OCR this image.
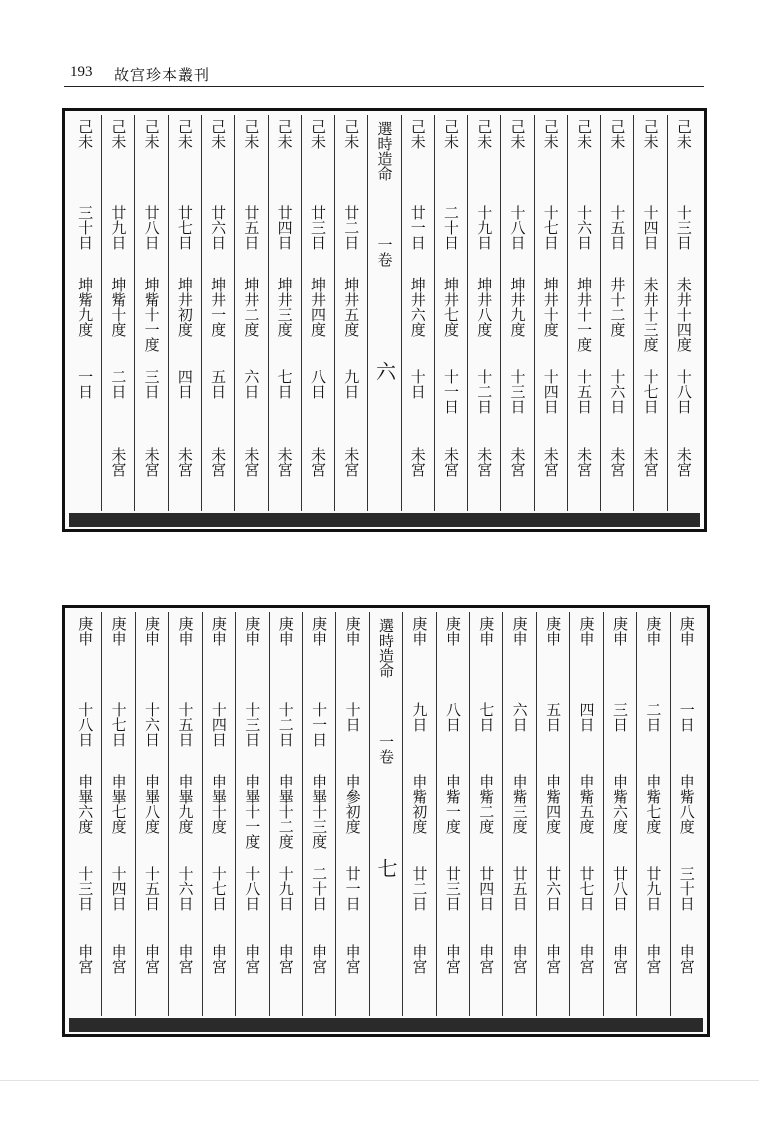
193 故宫珍本叢刊
己未
十三日
未井十四度
十八日
未宮
己未
十四日
未井十三度
十七日
未宮
己未
十五日
井十二度
十六日
未宮
己未
十六日
坤井十一度
十五日
未宮
己未
十七日
坤井十度
十四日
未宮
己未
十八日
坤井九度
十三日
未宮
己未
十九日
坤井八度
十二日
未宮
己未
二十日
坤井七度
十一日
未宮
己未
廿一日
坤井六度
十日
未宮
選時造命
一卷
六
己未
廿二日
坤井五度
九日
未宮
己未
廿三日
坤井四度
八日
未宮
己未
廿四日
坤井三度
七日
未宮
己未
廿五日
坤井二度
六日
未宮
己未
廿六日
坤井一度
五日
未宮
己未
廿七日
坤井初度
四日
未宮
己未
廿八日
坤觜十一度
三日
未宮
己未
廿九日
坤觜十度
二日
未宮
己未
三十日
坤觜九度
一日
庚申
一日
申觜八度
三十日
申宮
庚申
二日
申觜七度
廿九日
申宮
庚申
三日
申觜六度
廿八日
申宮
庚申
四日
申觜五度
廿七日
申宮
庚申
五日
申觜四度
廿六日
申宮
庚申
六日
申觜三度
廿五日
申宮
庚申
七日
申觜二度
廿四日
申宮
庚申
八日
申觜一度
廿三日
申宮
庚申
九日
申觜初度
廿二日
申宮
選時造命
一卷
七
庚申
十日
申參初度
廿一日
申宮
庚申
十一日
申畢十三度
二十日
申宮
庚申
十二日
申畢十二度
十九日
申宮
庚申
十三日
申畢十一度
十八日
申宮
庚申
十四日
申畢十度
十七日
申宮
庚申
十五日
申畢九度
十六日
申宮
庚申
十六日
申畢八度
十五日
申宮
庚申
十七日
申畢七度
十四日
申宮
庚申
十八日
申畢六度
十三日
申宮
